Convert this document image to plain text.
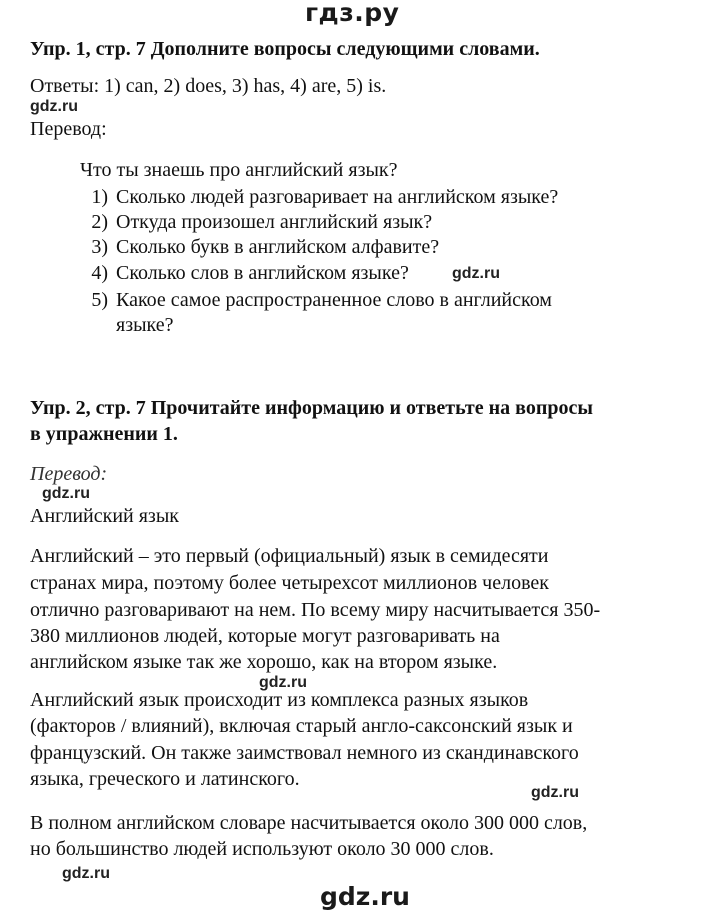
гдз.ру
Упр. 1, стр. 7 Дополните вопросы следующими словами.
Ответы: 1) can, 2) does, 3) has, 4) are, 5) is.
gdz.ru
Перевод:
Что ты знаешь про английский язык?
1) Сколько людей разговаривает на английском языке?
2) Откуда произошел английский язык?
3) Сколько букв в английском алфавите?
4) Сколько слов в английском языке?	gdz.ru
5) Какое самое распространенное слово в английском
языке?
Упр. 2, стр. 7 Прочитайте информацию и ответьте на вопросы
в упражнении 1.
Перевод:
gdz.ru
Английский язык
Английский – это первый (официальный) язык в семидесяти
странах мира, поэтому более четырехсот миллионов человек
отлично разговаривают на нем. По всему миру насчитывается 350-
380 миллионов людей, которые могут разговаривать на
английском языке так же хорошо, как на втором языке.
gdz.ru
Английский язык происходит из комплекса разных языков
(факторов / влияний), включая старый англо-саксонский язык и
французский. Он также заимствовал немного из скандинавского
языка, греческого и латинского.
gdz.ru
В полном английском словаре насчитывается около 300 000 слов,
но большинство людей используют около 30 000 слов.
gdz.ru
gdz.ru
